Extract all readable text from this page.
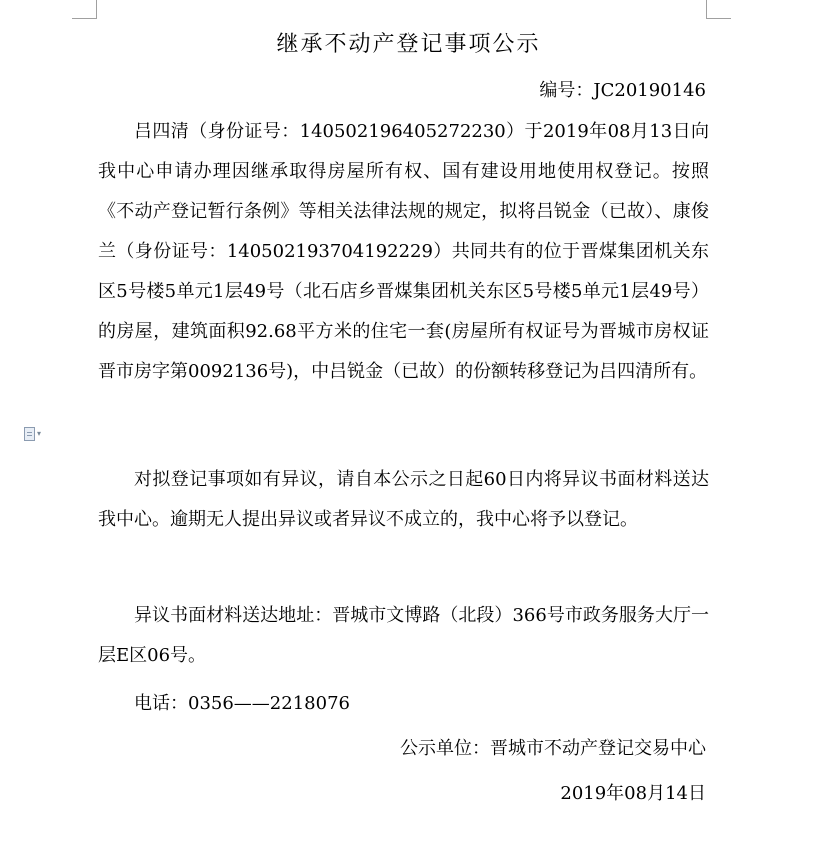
▾
继承不动产登记事项公示
编号：JC20190146

吕四清（身份证号：140502196405272230）于2019年08月13日向我中心申请办理因继承取得房屋所有权、国有建设用地使用权登记。按照《不动产登记暂行条例》等相关法律法规的规定，拟将吕锐金（已故）、康俊兰（身份证号：140502193704192229）共同共有的位于晋煤集团机关东区5号楼5单元1层49号（北石店乡晋煤集团机关东区5号楼5单元1层49号）的房屋，建筑面积92.68平方米的住宅一套(房屋所有权证号为晋城市房权证晋市房字第0092136号)，中吕锐金（已故）的份额转移登记为吕四清所有。

对拟登记事项如有异议，请自本公示之日起60日内将异议书面材料送达我中心。逾期无人提出异议或者异议不成立的，我中心将予以登记。

异议书面材料送达地址：晋城市文博路（北段）366号市政务服务大厅一层E区06号。

电话：0356——2218076

公示单位：晋城市不动产登记交易中心
2019年08月14日
